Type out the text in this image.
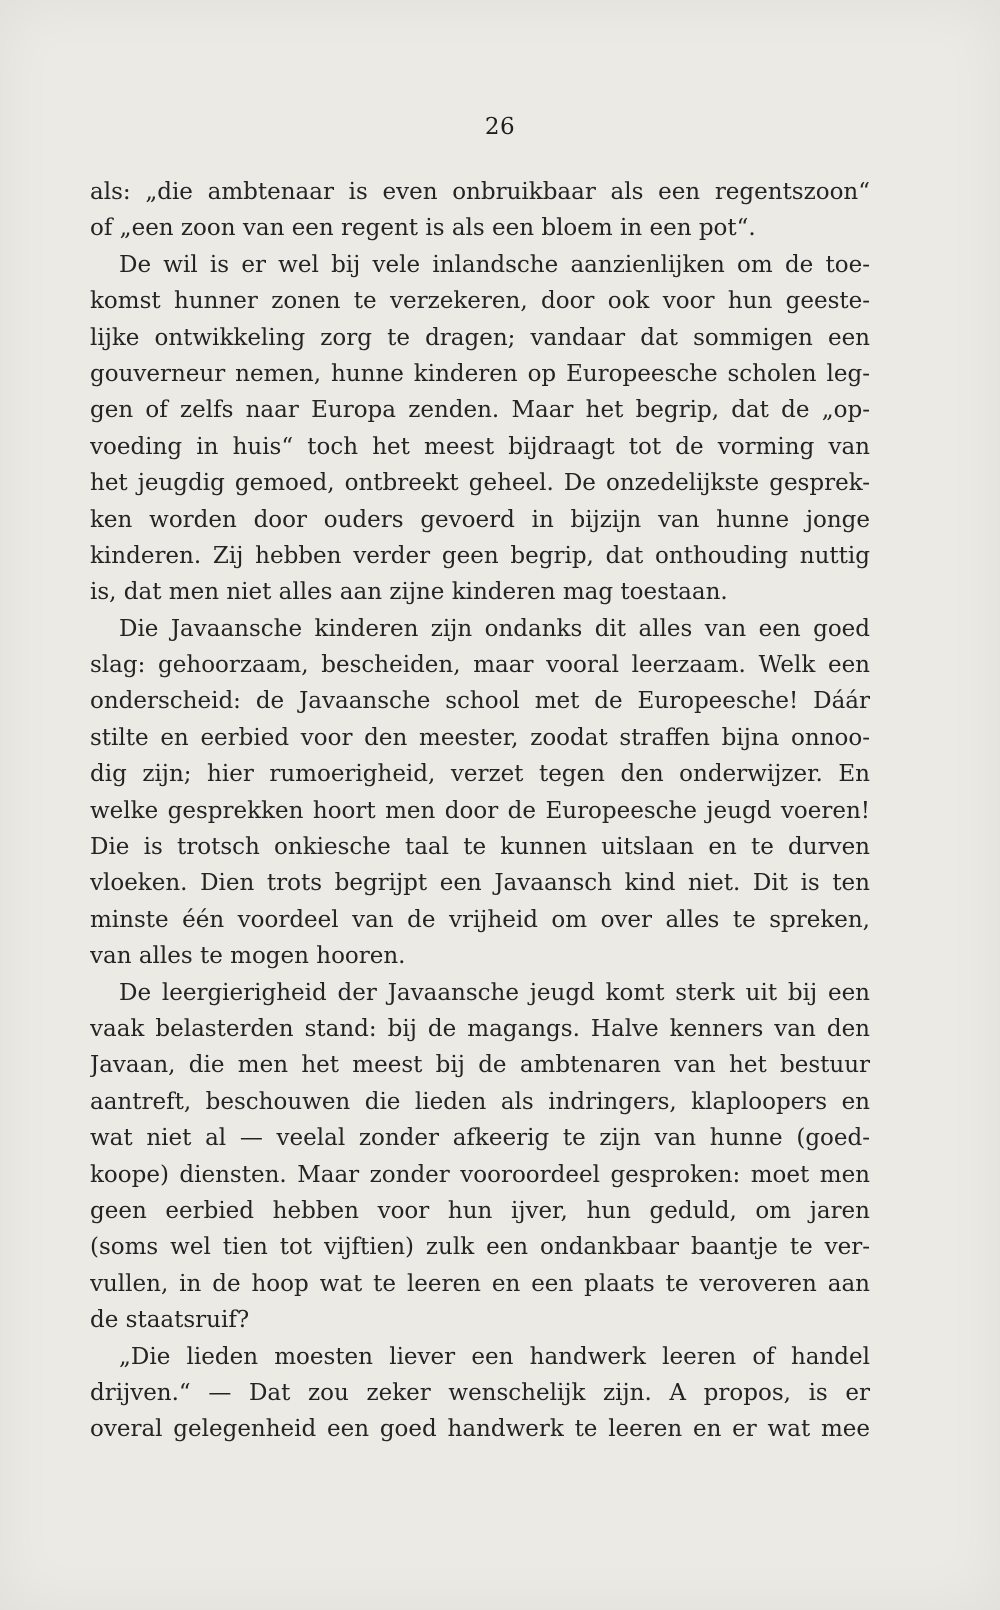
26
als: „die ambtenaar is even onbruikbaar als een regentszoon“
of „een zoon van een regent is als een bloem in een pot“.
De wil is er wel bij vele inlandsche aanzienlijken om de toe-
komst hunner zonen te verzekeren, door ook voor hun geeste-
lijke ontwikkeling zorg te dragen; vandaar dat sommigen een
gouverneur nemen, hunne kinderen op Europeesche scholen leg-
gen of zelfs naar Europa zenden. Maar het begrip, dat de „op-
voeding in huis“ toch het meest bijdraagt tot de vorming van
het jeugdig gemoed, ontbreekt geheel. De onzedelijkste gesprek-
ken worden door ouders gevoerd in bijzijn van hunne jonge
kinderen. Zij hebben verder geen begrip, dat onthouding nuttig
is, dat men niet alles aan zijne kinderen mag toestaan.
Die Javaansche kinderen zijn ondanks dit alles van een goed
slag: gehoorzaam, bescheiden, maar vooral leerzaam. Welk een
onderscheid: de Javaansche school met de Europeesche! Dáár
stilte en eerbied voor den meester, zoodat straffen bijna onnoo-
dig zijn; hier rumoerigheid, verzet tegen den onderwijzer. En
welke gesprekken hoort men door de Europeesche jeugd voeren!
Die is trotsch onkiesche taal te kunnen uitslaan en te durven
vloeken. Dien trots begrijpt een Javaansch kind niet. Dit is ten
minste één voordeel van de vrijheid om over alles te spreken,
van alles te mogen hooren.
De leergierigheid der Javaansche jeugd komt sterk uit bij een
vaak belasterden stand: bij de magangs. Halve kenners van den
Javaan, die men het meest bij de ambtenaren van het bestuur
aantreft, beschouwen die lieden als indringers, klaploopers en
wat niet al — veelal zonder afkeerig te zijn van hunne (goed-
koope) diensten. Maar zonder vooroordeel gesproken: moet men
geen eerbied hebben voor hun ijver, hun geduld, om jaren
(soms wel tien tot vijftien) zulk een ondankbaar baantje te ver-
vullen, in de hoop wat te leeren en een plaats te veroveren aan
de staatsruif?
„Die lieden moesten liever een handwerk leeren of handel
drijven.“ — Dat zou zeker wenschelijk zijn. A propos, is er
overal gelegenheid een goed handwerk te leeren en er wat mee
